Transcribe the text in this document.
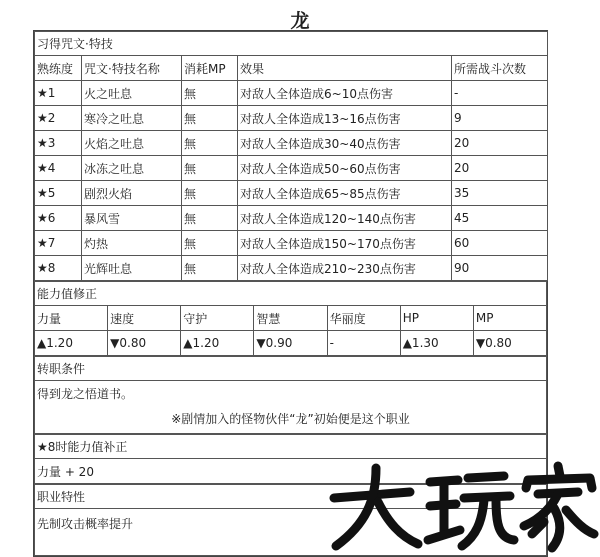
龙
习得咒文·特技				
熟练度	咒文·特技名称	消耗MP	效果	所需战斗次数
★1	火之吐息	無	对敌人全体造成6~10点伤害	-
★2	寒冷之吐息	無	对敌人全体造成13~16点伤害	9
★3	火焰之吐息	無	对敌人全体造成30~40点伤害	20
★4	冰冻之吐息	無	对敌人全体造成50~60点伤害	20
★5	剧烈火焰	無	对敌人全体造成65~85点伤害	35
★6	暴风雪	無	对敌人全体造成120~140点伤害	45
★7	灼热	無	对敌人全体造成150~170点伤害	60
★8	光辉吐息	無	对敌人全体造成210~230点伤害	90
能力值修正						
力量	速度	守护	智慧	华丽度	HP	MP
▲1.20	▼0.80	▲1.20	▼0.90	-	▲1.30	▼0.80
转职条件

得到龙之悟道书。
※剧情加入的怪物伙伴“龙”初始便是这个职业
★8时能力值补正
力量 + 20
职业特性
先制攻击概率提升
